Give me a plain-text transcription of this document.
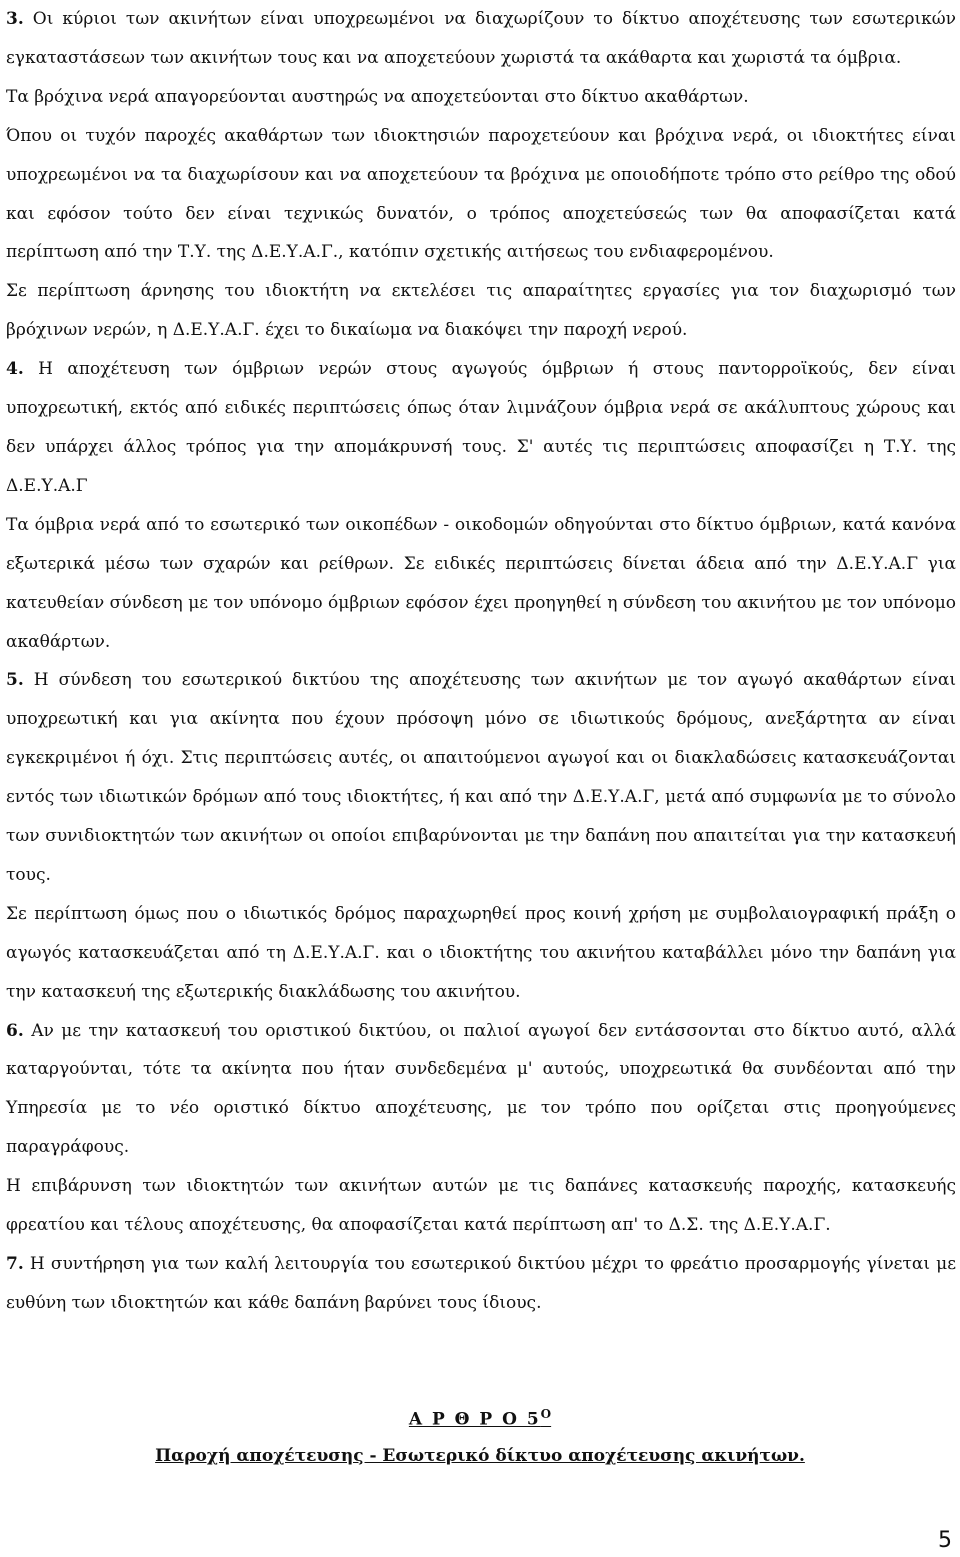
3. Οι κύριοι των ακινήτων είναι υποχρεωμένοι να διαχωρίζουν το δίκτυο αποχέτευσης των εσωτερικών εγκαταστάσεων των ακινήτων τους και να αποχετεύουν χωριστά τα ακάθαρτα και χωριστά τα όμβρια.

Τα βρόχινα νερά απαγορεύονται αυστηρώς να αποχετεύονται στο δίκτυο ακαθάρτων.

Όπου οι τυχόν παροχές ακαθάρτων των ιδιοκτησιών παροχετεύουν και βρόχινα νερά, οι ιδιοκτήτες είναι υποχρεωμένοι να τα διαχωρίσουν και να αποχετεύουν τα βρόχινα με οποιοδήποτε τρόπο στο ρείθρο της οδού και εφόσον τούτο δεν είναι τεχνικώς δυνατόν, ο τρόπος αποχετεύσεώς των θα αποφασίζεται κατά περίπτωση από την Τ.Υ. της Δ.Ε.Υ.Α.Γ., κατόπιν σχετικής αιτήσεως του ενδιαφερομένου.

Σε περίπτωση άρνησης του ιδιοκτήτη να εκτελέσει τις απαραίτητες εργασίες για τον διαχωρισμό των βρόχινων νερών, η Δ.Ε.Υ.Α.Γ. έχει το δικαίωμα να διακόψει την παροχή νερού.

4. Η αποχέτευση των όμβριων νερών στους αγωγούς όμβριων ή στους παντορροϊκούς, δεν είναι υποχρεωτική, εκτός από ειδικές περιπτώσεις όπως όταν λιμνάζουν όμβρια νερά σε ακάλυπτους χώρους και δεν υπάρχει άλλος τρόπος για την απομάκρυνσή τους. Σ' αυτές τις περιπτώσεις αποφασίζει η Τ.Υ. της Δ.Ε.Υ.Α.Γ

Τα όμβρια νερά από το εσωτερικό των οικοπέδων - οικοδομών οδηγούνται στο δίκτυο όμβριων, κατά κανόνα εξωτερικά μέσω των σχαρών και ρείθρων. Σε ειδικές περιπτώσεις δίνεται άδεια από την Δ.Ε.Υ.Α.Γ για κατευθείαν σύνδεση με τον υπόνομο όμβριων εφόσον έχει προηγηθεί η σύνδεση του ακινήτου με τον υπόνομο ακαθάρτων.

5. Η σύνδεση του εσωτερικού δικτύου της αποχέτευσης των ακινήτων με τον αγωγό ακαθάρτων είναι υποχρεωτική και για ακίνητα που έχουν πρόσοψη μόνο σε ιδιωτικούς δρόμους, ανεξάρτητα αν είναι εγκεκριμένοι ή όχι. Στις περιπτώσεις αυτές, οι απαιτούμενοι αγωγοί και οι διακλαδώσεις κατασκευάζονται εντός των ιδιωτικών δρόμων από τους ιδιοκτήτες, ή και από την Δ.Ε.Υ.Α.Γ, μετά από συμφωνία με το σύνολο των συνιδιοκτητών των ακινήτων οι οποίοι επιβαρύνονται με την δαπάνη που απαιτείται για την κατασκευή τους.

Σε περίπτωση όμως που ο ιδιωτικός δρόμος παραχωρηθεί προς κοινή χρήση με συμβολαιογραφική πράξη ο αγωγός κατασκευάζεται από τη Δ.Ε.Υ.Α.Γ. και ο ιδιοκτήτης του ακινήτου καταβάλλει μόνο την δαπάνη για την κατασκευή της εξωτερικής διακλάδωσης του ακινήτου.

6. Αν με την κατασκευή του οριστικού δικτύου, οι παλιοί αγωγοί δεν εντάσσονται στο δίκτυο αυτό, αλλά καταργούνται, τότε τα ακίνητα που ήταν συνδεδεμένα μ' αυτούς, υποχρεωτικά θα συνδέονται από την Υπηρεσία με το νέο οριστικό δίκτυο αποχέτευσης, με τον τρόπο που ορίζεται στις προηγούμενες παραγράφους.

Η επιβάρυνση των ιδιοκτητών των ακινήτων αυτών με τις δαπάνες κατασκευής παροχής, κατασκευής φρεατίου και τέλους αποχέτευσης, θα αποφασίζεται κατά περίπτωση απ' το Δ.Σ. της Δ.Ε.Υ.Α.Γ.

7. Η συντήρηση για των καλή λειτουργία του εσωτερικού δικτύου μέχρι το φρεάτιο προσαρμογής γίνεται με ευθύνη των ιδιοκτητών και κάθε δαπάνη βαρύνει τους ίδιους.

Α Ρ Θ Ρ Ο $5^O$
Παροχή αποχέτευσης - Εσωτερικό δίκτυο αποχέτευσης ακινήτων.
5
